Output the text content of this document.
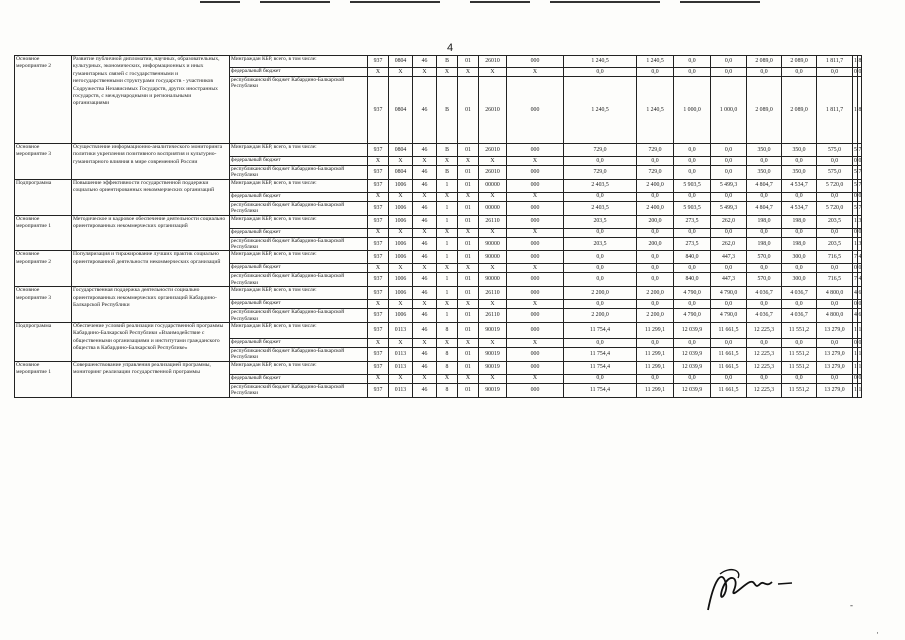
4
Основное мероприятие 2	Развитие публичной дипломатии, научных, образовательных, культурных, экономических, информационных и иных гуманитарных связей с государственными и негосударственными структурами государств - участников Содружества Независимых Государств, других иностранных государств, с международными и региональными организациями	Минграждан КБР, всего, в том числе:	937	0804	46	В	01	26010	000	1 240,5	1 240,5	0,0	0,0	2 089,0	2 089,0	1 811,7	1	8
		федеральный бюджет	Х	Х	Х	Х	Х	Х	Х	0,0	0,0	0,0	0,0	0,0	0,0	0,0	0	0
		республиканский бюджет Кабардино-Балкарской Республики	937	0804	46	В	01	26010	000	1 240,5	1 240,5	1 000,0	1 000,0	2 089,0	2 089,0	1 811,7	1	8
Основное мероприятие 3	Осуществление информационно-аналитического мониторинга политики укрепления позитивного восприятия и культурно-гуманитарного влияния в мире современной России	Минграждан КБР, всего, в том числе:	937	0804	46	В	01	26010	000	729,0	729,0	0,0	0,0	350,0	350,0	575,0	5	7
		федеральный бюджет	Х	Х	Х	Х	Х	Х	Х	0,0	0,0	0,0	0,0	0,0	0,0	0,0	0	0
		республиканский бюджет Кабардино-Балкарской Республики	937	0804	46	В	01	26010	000	729,0	729,0	0,0	0,0	350,0	350,0	575,0	5	7
Подпрограмма	Повышение эффективности государственной поддержки социально ориентированных некоммерческих организаций	Минграждан КБР, всего, в том числе:	937	1006	46	1	01	00000	000	2 403,5	2 400,0	5 903,5	5 499,3	4 804,7	4 534,7	5 720,0	5	7
		федеральный бюджет	Х	Х	Х	Х	Х	Х	Х	0,0	0,0	0,0	0,0	0,0	0,0	0,0	0	0
		республиканский бюджет Кабардино-Балкарской Республики	937	1006	46	1	01	00000	000	2 403,5	2 400,0	5 903,5	5 499,3	4 804,7	4 534,7	5 720,0	5	7
Основное мероприятие 1	Методическое и кадровое обеспечение деятельности социально ориентированных некоммерческих организаций	Минграждан КБР, всего, в том числе:	937	1006	46	1	01	26110	000	203,5	200,0	273,5	262,0	198,0	198,0	203,5	1	3
		федеральный бюджет	Х	Х	Х	Х	Х	Х	Х	0,0	0,0	0,0	0,0	0,0	0,0	0,0	0	0
		республиканский бюджет Кабардино-Балкарской Республики	937	1006	46	1	01	90000	000	203,5	200,0	273,5	262,0	198,0	198,0	203,5	1	3
Основное мероприятие 2	Популяризация и тиражирование лучших практик социально ориентированной деятельности некоммерческих организаций	Минграждан КБР, всего, в том числе:	937	1006	46	1	01	90000	000	0,0	0,0	840,0	447,3	570,0	300,0	716,5	7	4
		федеральный бюджет	Х	Х	Х	Х	Х	Х	Х	0,0	0,0	0,0	0,0	0,0	0,0	0,0	0	0
		республиканский бюджет Кабардино-Балкарской Республики	937	1006	46	1	01	90000	000	0,0	0,0	840,0	447,3	570,0	300,0	716,5	7	4
Основное мероприятие 3	Государственная поддержка деятельности социально ориентированных некоммерческих организаций Кабардино-Балкарской Республики	Минграждан КБР, всего, в том числе:	937	1006	46	1	01	26110	000	2 200,0	2 200,0	4 790,0	4 790,0	4 036,7	4 036,7	4 800,0	4	6
		федеральный бюджет	Х	Х	Х	Х	Х	Х	Х	0,0	0,0	0,0	0,0	0,0	0,0	0,0	0	0
		республиканский бюджет Кабардино-Балкарской Республики	937	1006	46	1	01	26110	000	2 200,0	2 200,0	4 790,0	4 790,0	4 036,7	4 036,7	4 800,0	4	6
Подпрограмма	Обеспечение условий реализации государственной программы Кабардино-Балкарской Республики «Взаимодействие с общественными организациями и институтами гражданского общества в Кабардино-Балкарской Республике»	Минграждан КБР, всего, в том числе:	937	0113	46	8	01	90019	000	11 754,4	11 299,1	12 039,9	11 661,5	12 225,3	11 551,2	13 279,0	1	1
		федеральный бюджет	Х	Х	Х	Х	Х	Х	Х	0,0	0,0	0,0	0,0	0,0	0,0	0,0	0	0
		республиканский бюджет Кабардино-Балкарской Республики	937	0113	46	8	01	90019	000	11 754,4	11 299,1	12 039,9	11 661,5	12 225,3	11 551,2	13 279,0	1	1
Основное мероприятие 1	Совершенствование управления реализацией программы, мониторинг реализации государственной программы	Минграждан КБР, всего, в том числе:	937	0113	46	8	01	90019	000	11 754,4	11 299,1	12 039,9	11 661,5	12 225,3	11 551,2	13 279,0	1	1
		федеральный бюджет	Х	Х	Х	Х	Х	Х	Х	0,0	0,0	0,0	0,0	0,0	0,0	0,0	0	0
		республиканский бюджет Кабардино-Балкарской Республики	937	0113	46	8	01	90019	000	11 754,4	11 299,1	12 039,9	11 661,5	12 225,3	11 551,2	13 279,0	1	1
-
·
